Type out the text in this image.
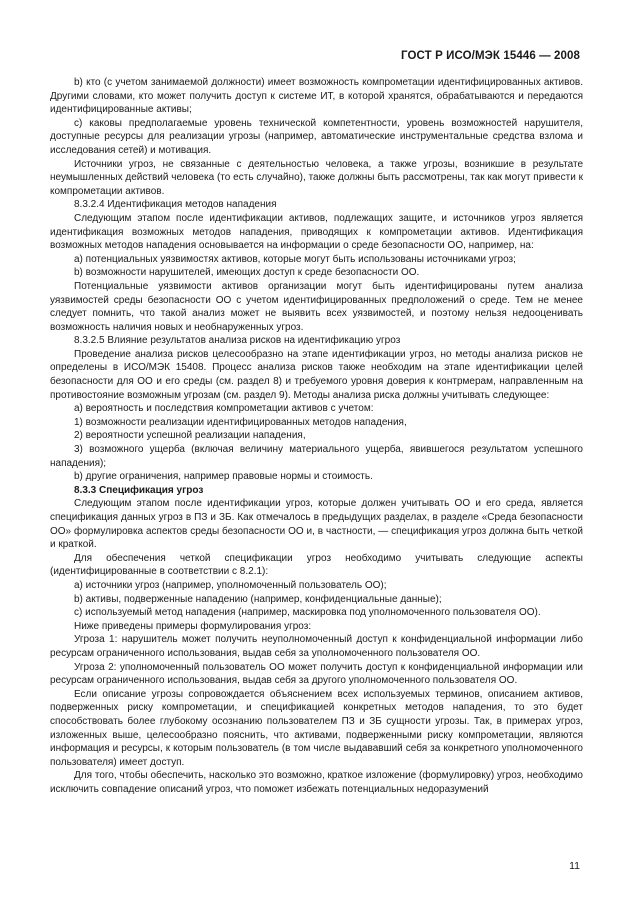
ГОСТ Р ИСО/МЭК 15446 — 2008

b) кто (с учетом занимаемой должности) имеет возможность компрометации идентифицированных активов. Другими словами, кто может получить доступ к системе ИТ, в которой хранятся, обрабатываются и передаются идентифицированные активы;

c) каковы предполагаемые уровень технической компетентности, уровень возможностей нарушителя, доступные ресурсы для реализации угрозы (например, автоматические инструментальные средства взлома и исследования сетей) и мотивация.

Источники угроз, не связанные с деятельностью человека, а также угрозы, возникшие в результате неумышленных действий человека (то есть случайно), также должны быть рассмотрены, так как могут привести к компрометации активов.

8.3.2.4 Идентификация методов нападения

Следующим этапом после идентификации активов, подлежащих защите, и источников угроз является идентификация возможных методов нападения, приводящих к компрометации активов. Идентификация возможных методов нападения основывается на информации о среде безопасности ОО, например, на:

a) потенциальных уязвимостях активов, которые могут быть использованы источниками угроз;

b) возможности нарушителей, имеющих доступ к среде безопасности ОО.

Потенциальные уязвимости активов организации могут быть идентифицированы путем анализа уязвимостей среды безопасности ОО с учетом идентифицированных предположений о среде. Тем не менее следует помнить, что такой анализ может не выявить всех уязвимостей, и поэтому нельзя недооценивать возможность наличия новых и необнаруженных угроз.

8.3.2.5 Влияние результатов анализа рисков на идентификацию угроз

Проведение анализа рисков целесообразно на этапе идентификации угроз, но методы анализа рисков не определены в ИСО/МЭК 15408. Процесс анализа рисков также необходим на этапе идентификации целей безопасности для ОО и его среды (см. раздел 8) и требуемого уровня доверия к контрмерам, направленным на противостояние возможным угрозам (см. раздел 9). Методы анализа риска должны учитывать следующее:

a) вероятность и последствия компрометации активов с учетом:

1) возможности реализации идентифицированных методов нападения,

2) вероятности успешной реализации нападения,

3) возможного ущерба (включая величину материального ущерба, явившегося результатом успешного нападения);

b) другие ограничения, например правовые нормы и стоимость.

8.3.3 Спецификация угроз

Следующим этапом после идентификации угроз, которые должен учитывать ОО и его среда, является спецификация данных угроз в ПЗ и ЗБ. Как отмечалось в предыдущих разделах, в разделе «Среда безопасности ОО» формулировка аспектов среды безопасности ОО и, в частности, — спецификация угроз должна быть четкой и краткой.

Для обеспечения четкой спецификации угроз необходимо учитывать следующие аспекты (идентифицированные в соответствии с 8.2.1):

a) источники угроз (например, уполномоченный пользователь ОО);

b) активы, подверженные нападению (например, конфиденциальные данные);

c) используемый метод нападения (например, маскировка под уполномоченного пользователя ОО).

Ниже приведены примеры формулирования угроз:

Угроза 1: нарушитель может получить неуполномоченный доступ к конфиденциальной информации либо ресурсам ограниченного использования, выдав себя за уполномоченного пользователя ОО.

Угроза 2: уполномоченный пользователь ОО может получить доступ к конфиденциальной информации или ресурсам ограниченного использования, выдав себя за другого уполномоченного пользователя ОО.

Если описание угрозы сопровождается объяснением всех используемых терминов, описанием активов, подверженных риску компрометации, и спецификацией конкретных методов нападения, то это будет способствовать более глубокому осознанию пользователем ПЗ и ЗБ сущности угрозы. Так, в примерах угроз, изложенных выше, целесообразно пояснить, что активами, подверженными риску компрометации, являются информация и ресурсы, к которым пользователь (в том числе выдававший себя за конкретного уполномоченного пользователя) имеет доступ.

Для того, чтобы обеспечить, насколько это возможно, краткое изложение (формулировку) угроз, необходимо исключить совпадение описаний угроз, что поможет избежать потенциальных недоразумений

11
